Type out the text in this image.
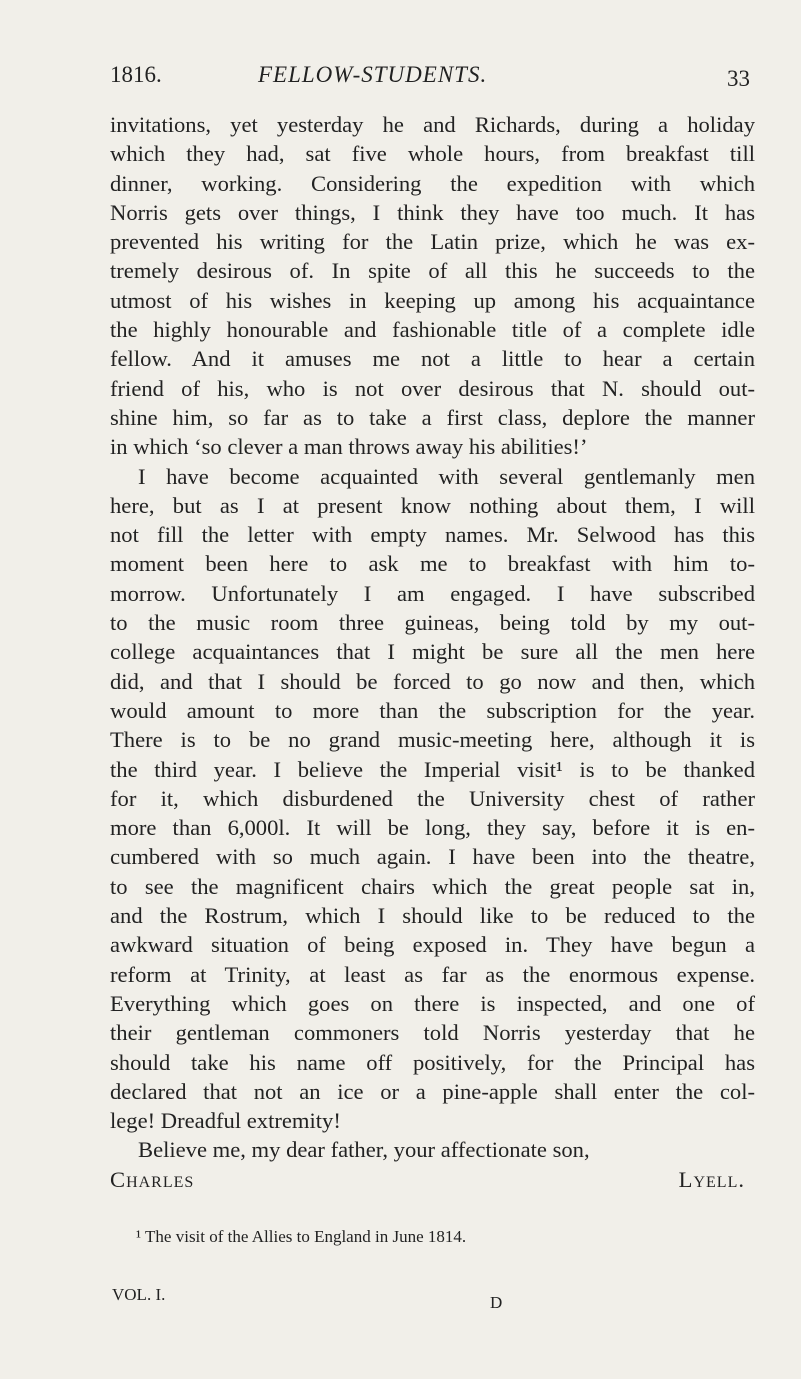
1816.	FELLOW-STUDENTS.	33

invitations, yet yesterday he and Richards, during a holiday

which they had, sat five whole hours, from breakfast till

dinner, working. Considering the expedition with which

Norris gets over things, I think they have too much. It has

prevented his writing for the Latin prize, which he was ex-

tremely desirous of. In spite of all this he succeeds to the

utmost of his wishes in keeping up among his acquaintance

the highly honourable and fashionable title of a complete idle

fellow. And it amuses me not a little to hear a certain

friend of his, who is not over desirous that N. should out-

shine him, so far as to take a first class, deplore the manner

in which ‘so clever a man throws away his abilities!’

I have become acquainted with several gentlemanly men

here, but as I at present know nothing about them, I will

not fill the letter with empty names. Mr. Selwood has this

moment been here to ask me to breakfast with him to-

morrow. Unfortunately I am engaged. I have subscribed

to the music room three guineas, being told by my out-

college acquaintances that I might be sure all the men here

did, and that I should be forced to go now and then, which

would amount to more than the subscription for the year.

There is to be no grand music-meeting here, although it is

the third year. I believe the Imperial visit¹ is to be thanked

for it, which disburdened the University chest of rather

more than 6,000l. It will be long, they say, before it is en-

cumbered with so much again. I have been into the theatre,

to see the magnificent chairs which the great people sat in,

and the Rostrum, which I should like to be reduced to the

awkward situation of being exposed in. They have begun a

reform at Trinity, at least as far as the enormous expense.

Everything which goes on there is inspected, and one of

their gentleman commoners told Norris yesterday that he

should take his name off positively, for the Principal has

declared that not an ice or a pine-apple shall enter the col-

lege! Dreadful extremity!

Believe me, my dear father, your affectionate son,

Charles Lyell.

¹ The visit of the Allies to England in June 1814.
VOL. I.	D
